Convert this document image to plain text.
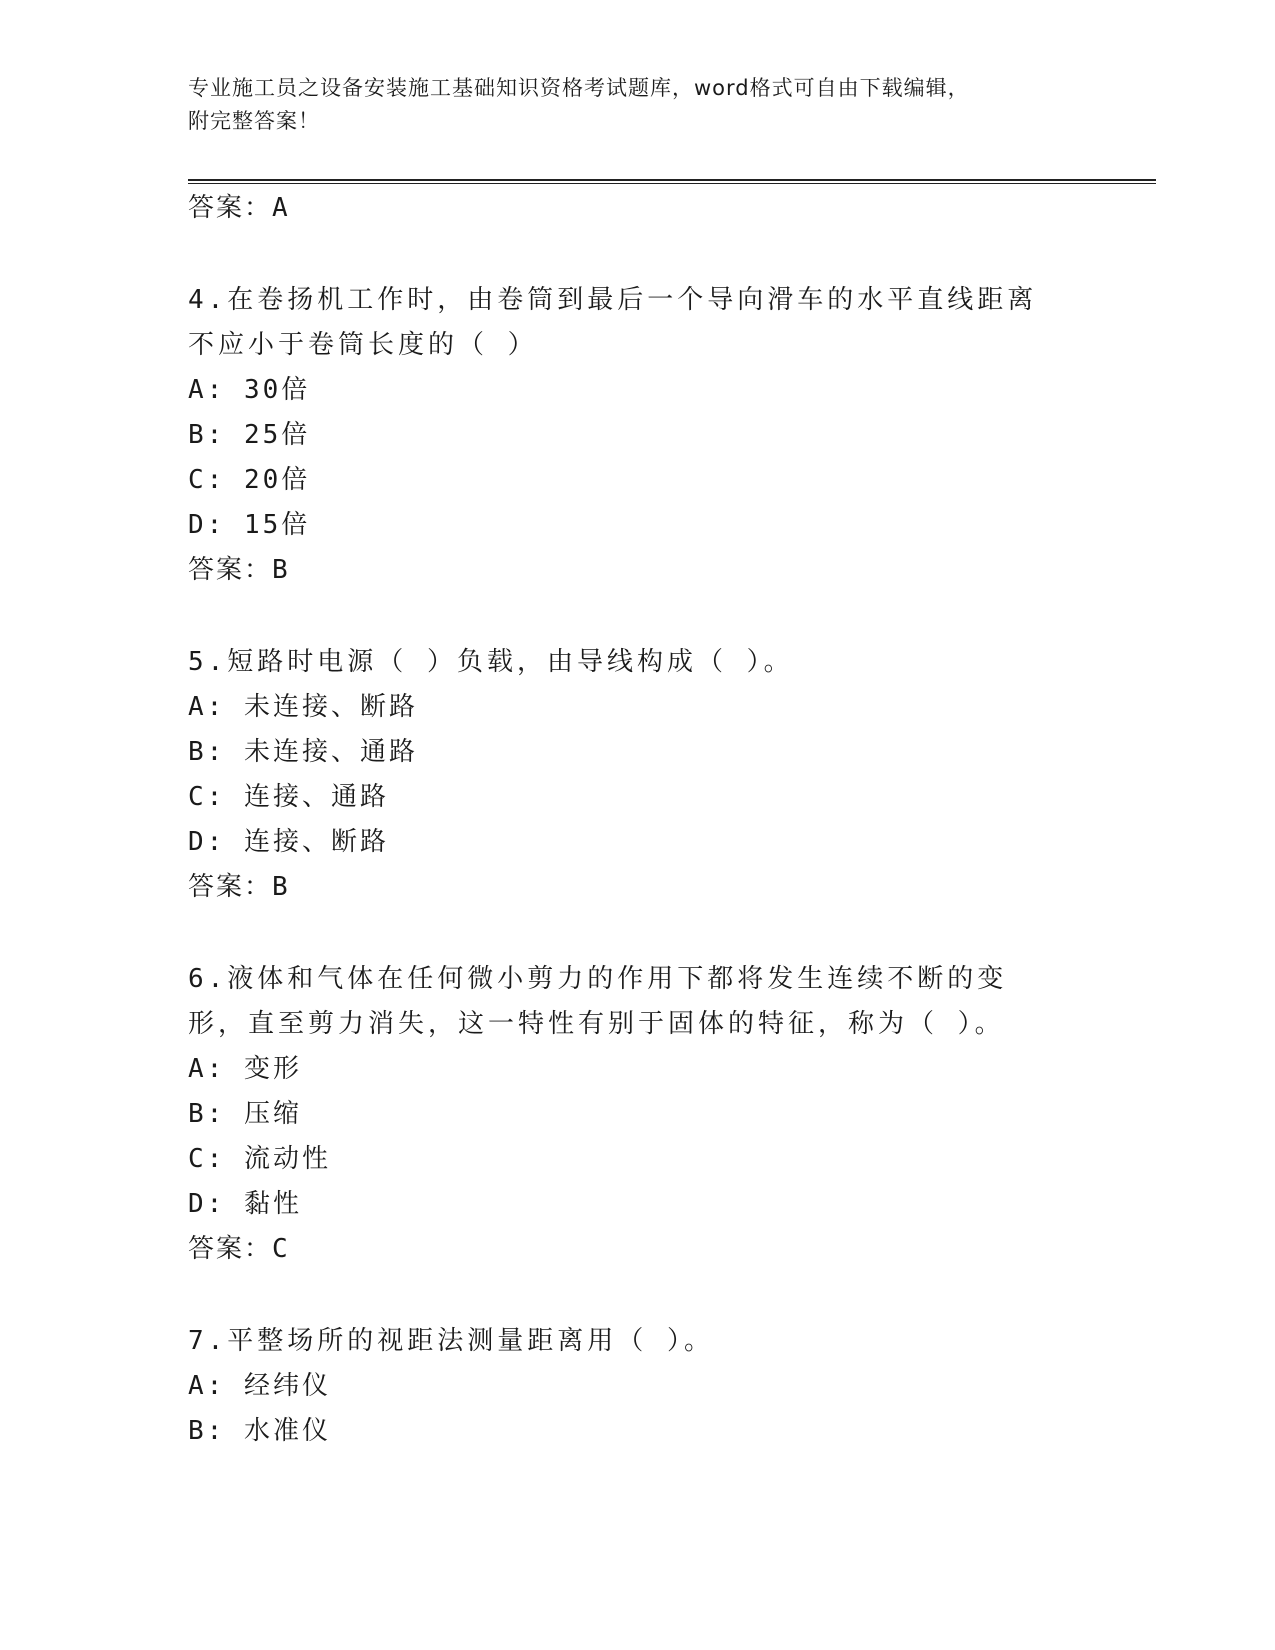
专业施工员之设备安装施工基础知识资格考试题库，word格式可自由下载编辑，
附完整答案！

答案：A

4.在卷扬机工作时，由卷筒到最后一个导向滑车的水平直线距离不应小于卷筒长度的（ ）

A: 30倍

B: 25倍

C: 20倍

D: 15倍

答案：B

5.短路时电源（ ）负载，由导线构成（ ）。

A: 未连接、断路

B: 未连接、通路

C: 连接、通路

D: 连接、断路

答案：B

6.液体和气体在任何微小剪力的作用下都将发生连续不断的变形，直至剪力消失，这一特性有别于固体的特征，称为（ ）。

A: 变形

B: 压缩

C: 流动性

D: 黏性

答案：C

7.平整场所的视距法测量距离用（ ）。

A: 经纬仪

B: 水准仪
